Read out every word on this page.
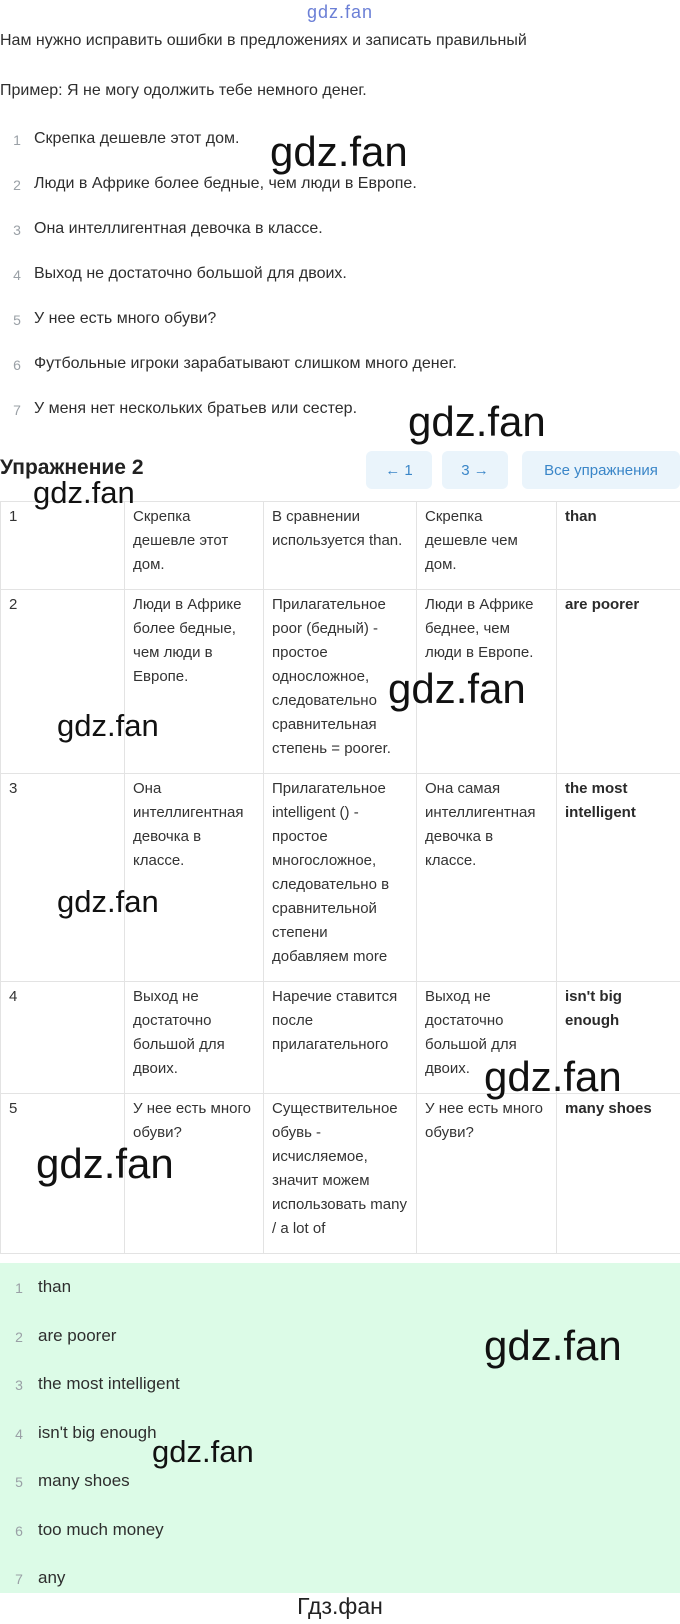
gdz.fan
Нам нужно исправить ошибки в предложениях и записать правильный
Пример: Я не могу одолжить тебе немного денег.
1 Скрепка дешевле этот дом.
2 Люди в Африке более бедные, чем люди в Европе.
3 Она интеллигентная девочка в классе.
4 Выход не достаточно большой для двоих.
5 У нее есть много обуви?
6 Футбольные игроки зарабатывают слишком много денег.
7 У меня нет нескольких братьев или сестер.
Упражнение 2	← 1	3 →	Все упражнения
1	Скрепка дешевле этот дом.	В сравнении используется than.	Скрепка дешевле чем дом.	than
2	Люди в Африке более бедные, чем люди в Европе.	Прилагательное poor (бедный) - простое односложное, следовательно сравнительная степень = poorer.	Люди в Африке беднее, чем люди в Европе.	are poorer
3	Она интеллигентная девочка в классе.	Прилагательное intelligent () - простое многосложное, следовательно в сравнительной степени добавляем more	Она самая интеллигентная девочка в классе.	the most intelligent
4	Выход не достаточно большой для двоих.	Наречие ставится после прилагательного	Выход не достаточно большой для двоих.	isn't big enough
5	У нее есть много обуви?	Существительное обувь - исчисляемое, значит можем использовать many / a lot of	У нее есть много обуви?	many shoes
1 than
2 are poorer
3 the most intelligent
4 isn't big enough
5 many shoes
6 too much money
7 any
gdz.fan
gdz.fan
gdz.fan
gdz.fan
gdz.fan
gdz.fan
gdz.fan
gdz.fan
gdz.fan
gdz.fan
Гдз.фан
